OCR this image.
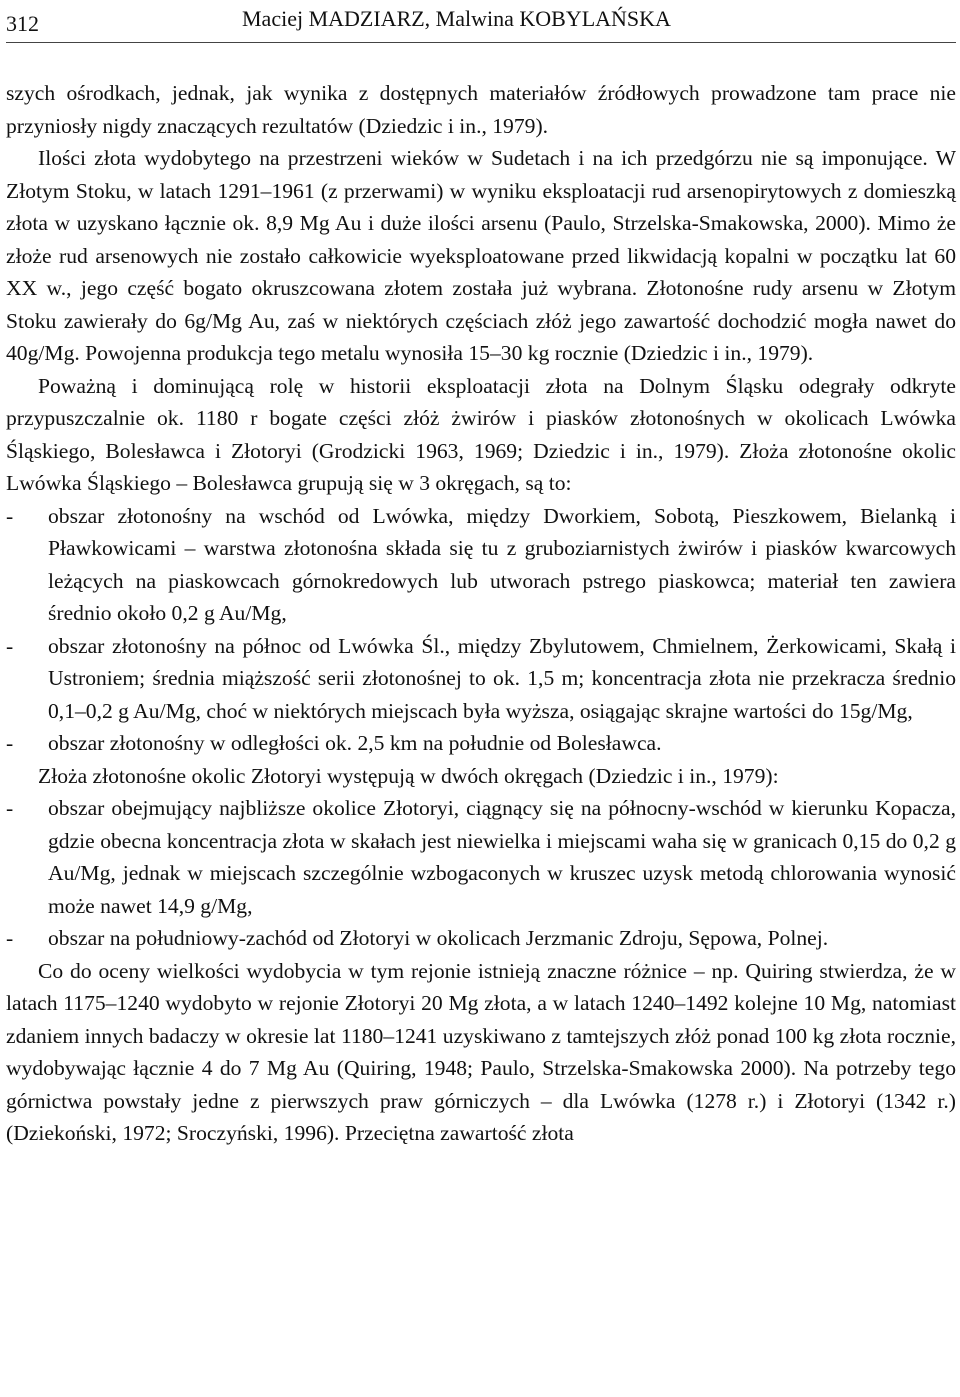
312	Maciej MADZIARZ, Malwina KOBYLAŃSKA

szych ośrodkach, jednak, jak wynika z dostępnych materiałów źródłowych prowadzone tam prace nie przyniosły nigdy znaczących rezultatów (Dziedzic i in., 1979).

Ilości złota wydobytego na przestrzeni wieków w Sudetach i na ich przedgórzu nie są imponujące. W Złotym Stoku, w latach 1291–1961 (z przerwami) w wyniku eksploatacji rud arsenopirytowych z domieszką złota w uzyskano łącznie ok. 8,9 Mg Au i duże ilości arsenu (Paulo, Strzelska-Smakowska, 2000). Mimo że złoże rud arsenowych nie zostało całkowicie wyeksploatowane przed likwidacją kopalni w początku lat 60 XX w., jego część bogato okruszcowana złotem została już wybrana. Złotonośne rudy arsenu w Złotym Stoku zawierały do 6g/Mg Au, zaś w niektórych częściach złóż jego zawartość dochodzić mogła nawet do 40g/Mg. Powojenna produkcja tego metalu wynosiła 15–30 kg rocznie (Dziedzic i in., 1979).

Poważną i dominującą rolę w historii eksploatacji złota na Dolnym Śląsku odegrały odkryte przypuszczalnie ok. 1180 r bogate części złóż żwirów i piasków złotonośnych w okolicach Lwówka Śląskiego, Bolesławca i Złotoryi (Grodzicki 1963, 1969; Dziedzic i in., 1979). Złoża złotonośne okolic Lwówka Śląskiego – Bolesławca grupują się w 3 okręgach, są to:

- obszar złotonośny na wschód od Lwówka, między Dworkiem, Sobotą, Pieszkowem, Bielanką i Pławkowicami – warstwa złotonośna składa się tu z gruboziarnistych żwirów i piasków kwarcowych leżących na piaskowcach górnokredowych lub utworach pstrego piaskowca; materiał ten zawiera średnio około 0,2 g Au/Mg,

- obszar złotonośny na północ od Lwówka Śl., między Zbylutowem, Chmielnem, Żerkowicami, Skałą i Ustroniem; średnia miąższość serii złotonośnej to ok. 1,5 m; koncentracja złota nie przekracza średnio 0,1–0,2 g Au/Mg, choć w niektórych miejscach była wyższa, osiągając skrajne wartości do 15g/Mg,

- obszar złotonośny w odległości ok. 2,5 km na południe od Bolesławca.

Złoża złotonośne okolic Złotoryi występują w dwóch okręgach (Dziedzic i in., 1979):

- obszar obejmujący najbliższe okolice Złotoryi, ciągnący się na północny-wschód w kierunku Kopacza, gdzie obecna koncentracja złota w skałach jest niewielka i miejscami waha się w granicach 0,15 do 0,2 g Au/Mg, jednak w miejscach szczególnie wzbogaconych w kruszec uzysk metodą chlorowania wynosić może nawet 14,9 g/Mg,

- obszar na południowy-zachód od Złotoryi w okolicach Jerzmanic Zdroju, Sępowa, Polnej.

Co do oceny wielkości wydobycia w tym rejonie istnieją znaczne różnice – np. Quiring stwierdza, że w latach 1175–1240 wydobyto w rejonie Złotoryi 20 Mg złota, a w latach 1240–1492 kolejne 10 Mg, natomiast zdaniem innych badaczy w okresie lat 1180–1241 uzyskiwano z tamtejszych złóż ponad 100 kg złota rocznie, wydobywając łącznie 4 do 7 Mg Au (Quiring, 1948; Paulo, Strzelska-Smakowska 2000). Na potrzeby tego górnictwa powstały jedne z pierwszych praw górniczych – dla Lwówka (1278 r.) i Złotoryi (1342 r.) (Dziekoński, 1972; Sroczyński, 1996). Przeciętna zawartość złota
